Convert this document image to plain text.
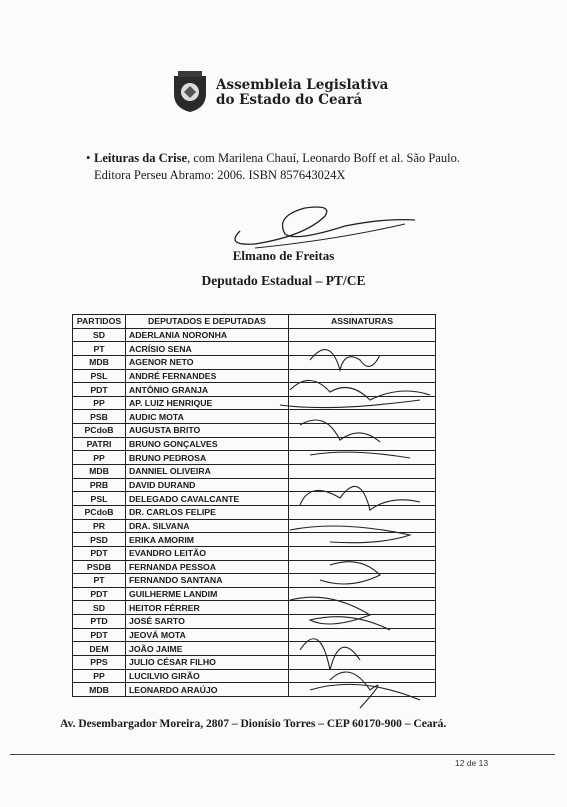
Assembleia Legislativa
do Estado do Ceará
• Leituras da Crise, com Marilena Chauí, Leonardo Boff et al. São Paulo. Editora Perseu Abramo: 2006. ISBN 857643024X
Elmano de Freitas
Deputado Estadual – PT/CE
PARTIDOS	DEPUTADOS E DEPUTADAS	ASSINATURAS
SD	ADERLANIA NORONHA	
PT	ACRÍSIO SENA	
MDB	AGENOR NETO	
PSL	ANDRÉ FERNANDES	
PDT	ANTÔNIO GRANJA	
PP	AP. LUIZ HENRIQUE	
PSB	AUDIC MOTA	
PCdoB	AUGUSTA BRITO	
PATRI	BRUNO GONÇALVES	
PP	BRUNO PEDROSA	
MDB	DANNIEL OLIVEIRA	
PRB	DAVID DURAND	
PSL	DELEGADO CAVALCANTE	
PCdoB	DR. CARLOS FELIPE	
PR	DRA. SILVANA	
PSD	ERIKA AMORIM	
PDT	EVANDRO LEITÃO	
PSDB	FERNANDA PESSOA	
PT	FERNANDO SANTANA	
PDT	GUILHERME LANDIM	
SD	HEITOR FÉRRER	
PTD	JOSÉ SARTO	
PDT	JEOVÁ MOTA	
DEM	JOÃO JAIME	
PPS	JULIO CÉSAR FILHO	
PP	LUCILVIO GIRÃO	
MDB	LEONARDO ARAÚJO	
Av. Desembargador Moreira, 2807 – Dionísio Torres – CEP 60170-900 – Ceará.
12 de 13
